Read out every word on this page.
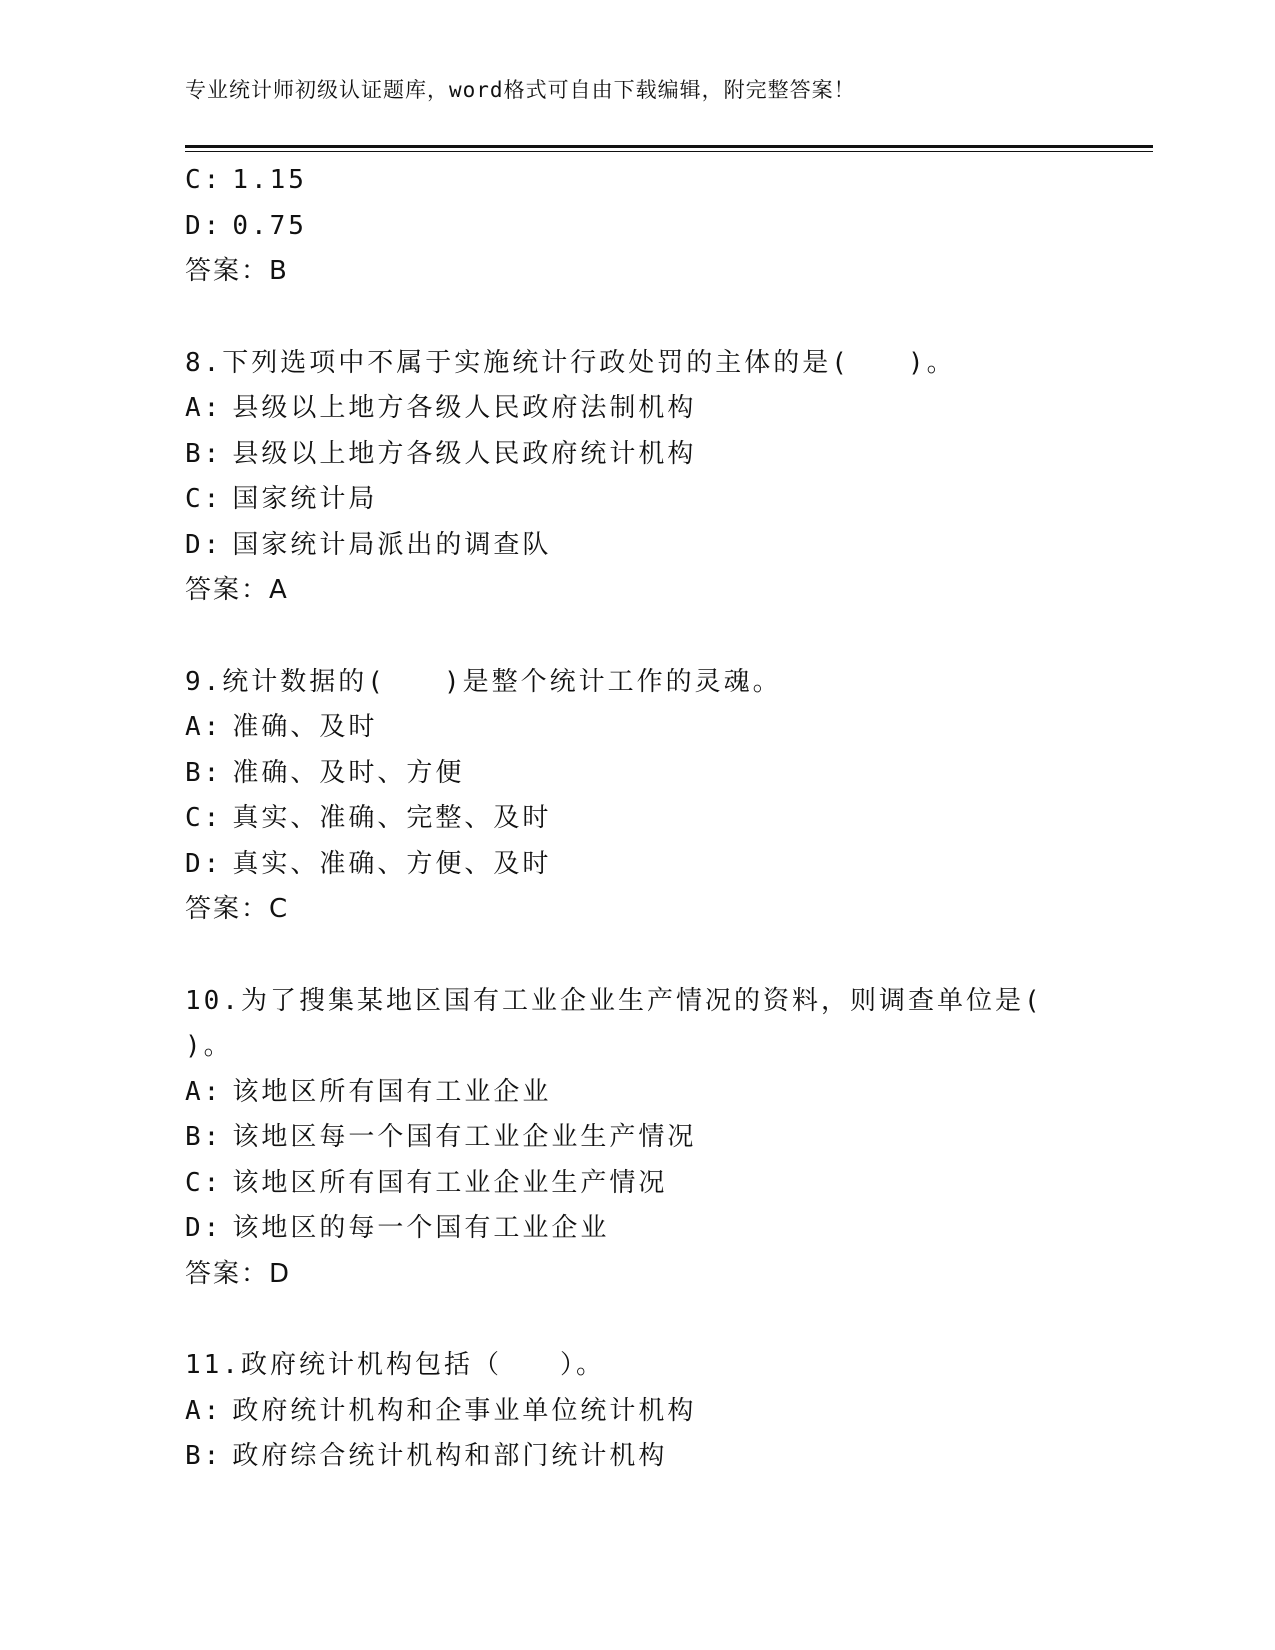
专业统计师初级认证题库，word格式可自由下载编辑，附完整答案！
C: 1.15
D: 0.75
答案：B
8.下列选项中不属于实施统计行政处罚的主体的是(　　)。
A: 县级以上地方各级人民政府法制机构
B: 县级以上地方各级人民政府统计机构
C: 国家统计局
D: 国家统计局派出的调查队
答案：A
9.统计数据的(　　)是整个统计工作的灵魂。
A: 准确、及时
B: 准确、及时、方便
C: 真实、准确、完整、及时
D: 真实、准确、方便、及时
答案：C
10.为了搜集某地区国有工业企业生产情况的资料，则调查单位是(
)。
A: 该地区所有国有工业企业
B: 该地区每一个国有工业企业生产情况
C: 该地区所有国有工业企业生产情况
D: 该地区的每一个国有工业企业
答案：D
11.政府统计机构包括（　　）。
A: 政府统计机构和企事业单位统计机构
B: 政府综合统计机构和部门统计机构
